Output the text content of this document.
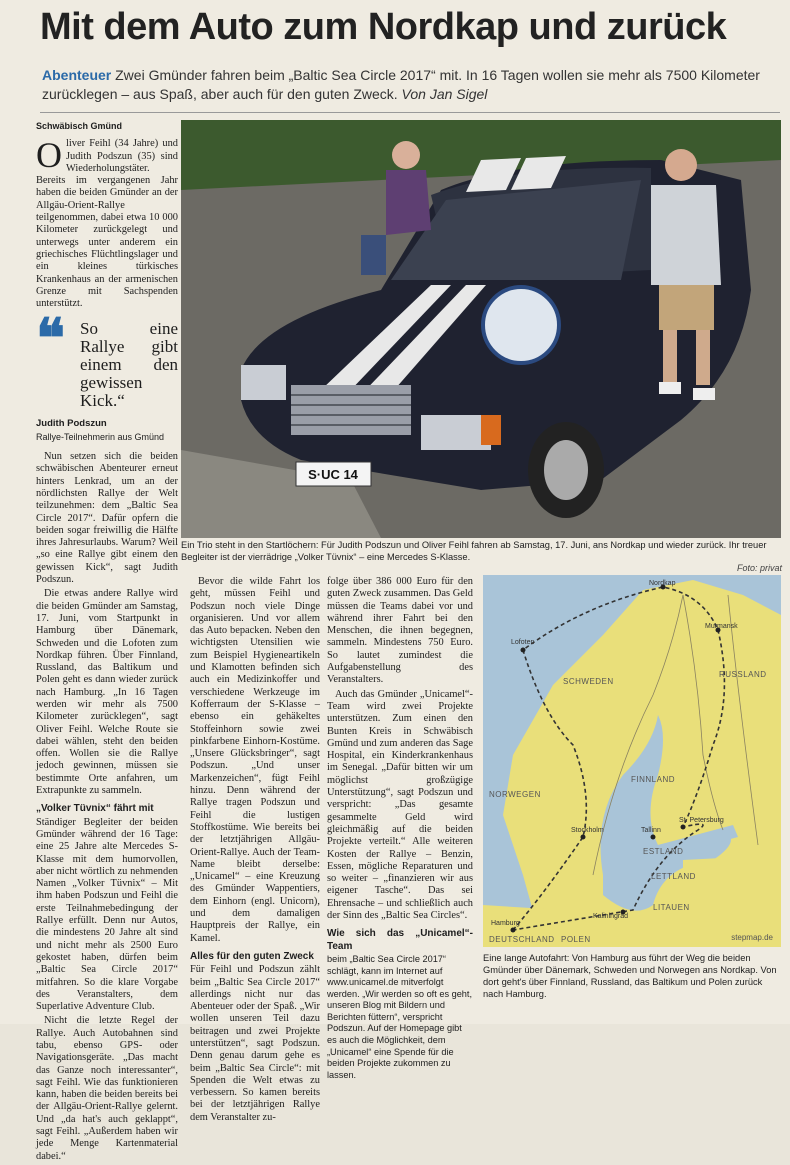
Mit dem Auto zum Nordkap und zurück
Abenteuer Zwei Gmünder fahren beim „Baltic Sea Circle 2017“ mit. In 16 Tagen wollen sie mehr als 7500 Kilometer zurücklegen – aus Spaß, aber auch für den guten Zweck. Von Jan Sigel
Schwäbisch Gmünd

Oliver Feihl (34 Jahre) und Judith Podszun (35) sind Wiederholungstäter. Bereits im vergangenen Jahr haben die beiden Gmünder an der Allgäu-Orient-Rallye teilgenommen, dabei etwa 10 000 Kilometer zurückgelegt und unterwegs unter anderem ein griechisches Flüchtlingslager und ein kleines türkisches Krankenhaus an der armenischen Grenze mit Sachspenden unterstützt.

❝ So eine Rallye gibt einem den gewissen Kick.“
Judith Podszun
Rallye-Teilnehmerin aus Gmünd

Nun setzen sich die beiden schwäbischen Abenteurer erneut hinters Lenkrad, um an der nördlichsten Rallye der Welt teilzunehmen: dem „Baltic Sea Circle 2017“. Dafür opfern die beiden sogar freiwillig die Hälfte ihres Jahresurlaubs. Warum? Weil „so eine Rallye gibt einem den gewissen Kick“, sagt Judith Podszun.

Die etwas andere Rallye wird die beiden Gmünder am Samstag, 17. Juni, vom Startpunkt in Hamburg über Dänemark, Schweden und die Lofoten zum Nordkap führen. Über Finnland, Russland, das Baltikum und Polen geht es dann wieder zurück nach Hamburg. „In 16 Tagen werden wir mehr als 7500 Kilometer zurücklegen“, sagt Oliver Feihl. Welche Route sie dabei wählen, steht den beiden offen. Wollen sie die Rallye jedoch gewinnen, müssen sie bestimmte Orte anfahren, um Extrapunkte zu sammeln.

„Volker Tüvnix“ fährt mit

Ständiger Begleiter der beiden Gmünder während der 16 Tage: eine 25 Jahre alte Mercedes S-Klasse mit dem humorvollen, aber nicht wörtlich zu nehmenden Namen „Volker Tüvnix“ – Mit ihm haben Podszun und Feihl die erste Teilnahmebedingung der Rallye erfüllt. Denn nur Autos, die mindestens 20 Jahre alt sind und nicht mehr als 2500 Euro gekostet haben, dürfen beim „Baltic Sea Circle 2017“ mitfahren. So die klare Vorgabe des Veranstalters, dem Superlative Adventure Club.

Nicht die letzte Regel der Rallye. Auch Autobahnen sind tabu, ebenso GPS- oder Navigationsgeräte. „Das macht das Ganze noch interessanter“, sagt Feihl. Wie das funktionieren kann, haben die beiden bereits bei der Allgäu-Orient-Rallye gelernt. Und „da hat's auch geklappt“, sagt Feihl. „Außerdem haben wir jede Menge Kartenmaterial dabei.“

S·UC 14
Ein Trio steht in den Startlöchern: Für Judith Podszun und Oliver Feihl fahren ab Samstag, 17. Juni, ans Nordkap und wieder zurück. Ihr treuer Begleiter ist der vierrädrige „Volker Tüvnix“ – eine Mercedes S-Klasse.
Foto: privat

Bevor die wilde Fahrt los geht, müssen Feihl und Podszun noch viele Dinge organisieren. Und vor allem das Auto bepacken. Neben den wichtigsten Utensilien wie zum Beispiel Hygieneartikeln und Klamotten befinden sich auch ein Medizinkoffer und verschiedene Werkzeuge im Kofferraum der S-Klasse – ebenso ein gehäkeltes Stoffeinhorn sowie zwei pinkfarbene Einhorn-Kostüme. „Unsere Glücksbringer“, sagt Podszun. „Und unser Markenzeichen“, fügt Feihl hinzu. Denn während der Rallye tragen Podszun und Feihl die lustigen Stoffkostüme. Wie bereits bei der letztjährigen Allgäu-Orient-Rallye. Auch der Team-Name bleibt derselbe: „Unicamel“ – eine Kreuzung des Gmünder Wappentiers, dem Einhorn (engl. Unicorn), und dem damaligen Hauptpreis der Rallye, ein Kamel.

Alles für den guten Zweck

Für Feihl und Podszun zählt beim „Baltic Sea Circle 2017“ allerdings nicht nur das Abenteuer oder der Spaß. „Wir wollen unseren Teil dazu beitragen und zwei Projekte unterstützen“, sagt Podszun. Denn genau darum gehe es beim „Baltic Sea Circle“: mit Spenden die Welt etwas zu verbessern. So kamen bereits bei der letztjährigen Rallye dem Veranstalter zu-

folge über 386 000 Euro für den guten Zweck zusammen. Das Geld müssen die Teams dabei vor und während ihrer Fahrt bei den Menschen, die ihnen begegnen, sammeln. Mindestens 750 Euro. So lautet zumindest die Aufgabenstellung des Veranstalters.

Auch das Gmünder „Unicamel“-Team wird zwei Projekte unterstützen. Zum einen den Bunten Kreis in Schwäbisch Gmünd und zum anderen das Sage Hospital, ein Kinderkrankenhaus im Senegal. „Dafür bitten wir um möglichst großzügige Unterstützung“, sagt Podszun und verspricht: „Das gesamte gesammelte Geld wird gleichmäßig auf die beiden Projekte verteilt.“ Alle weiteren Kosten der Rallye – Benzin, Essen, mögliche Reparaturen und so weiter – „finanzieren wir aus eigener Tasche“. Das sei Ehrensache – und schließlich auch der Sinn des „Baltic Sea Circles“.

Wie sich das „Unicamel“-Team
beim „Baltic Sea Circle 2017“ schlägt, kann im Internet auf www.unicamel.de mitverfolgt werden. „Wir werden so oft es geht, unseren Blog mit Bildern und Berichten füttern“, verspricht Podszun. Auf der Homepage gibt es auch die Möglichkeit, dem „Unicamel“ eine Spende für die beiden Projekte zukommen zu lassen.
Nordkap
Murmansk
Lofoten
RUSSLAND
SCHWEDEN
FINNLAND
NORWEGEN
Stockholm	Tallinn
St. Petersburg
ESTLAND
LETTLAND
LITAUEN
Kaliningrad
Hamburg
DEUTSCHLAND POLEN	stepmap.de
Eine lange Autofahrt: Von Hamburg aus führt der Weg die beiden Gmünder über Dänemark, Schweden und Norwegen ans Nordkap. Von dort geht's über Finnland, Russland, das Baltikum und Polen zurück nach Hamburg.
